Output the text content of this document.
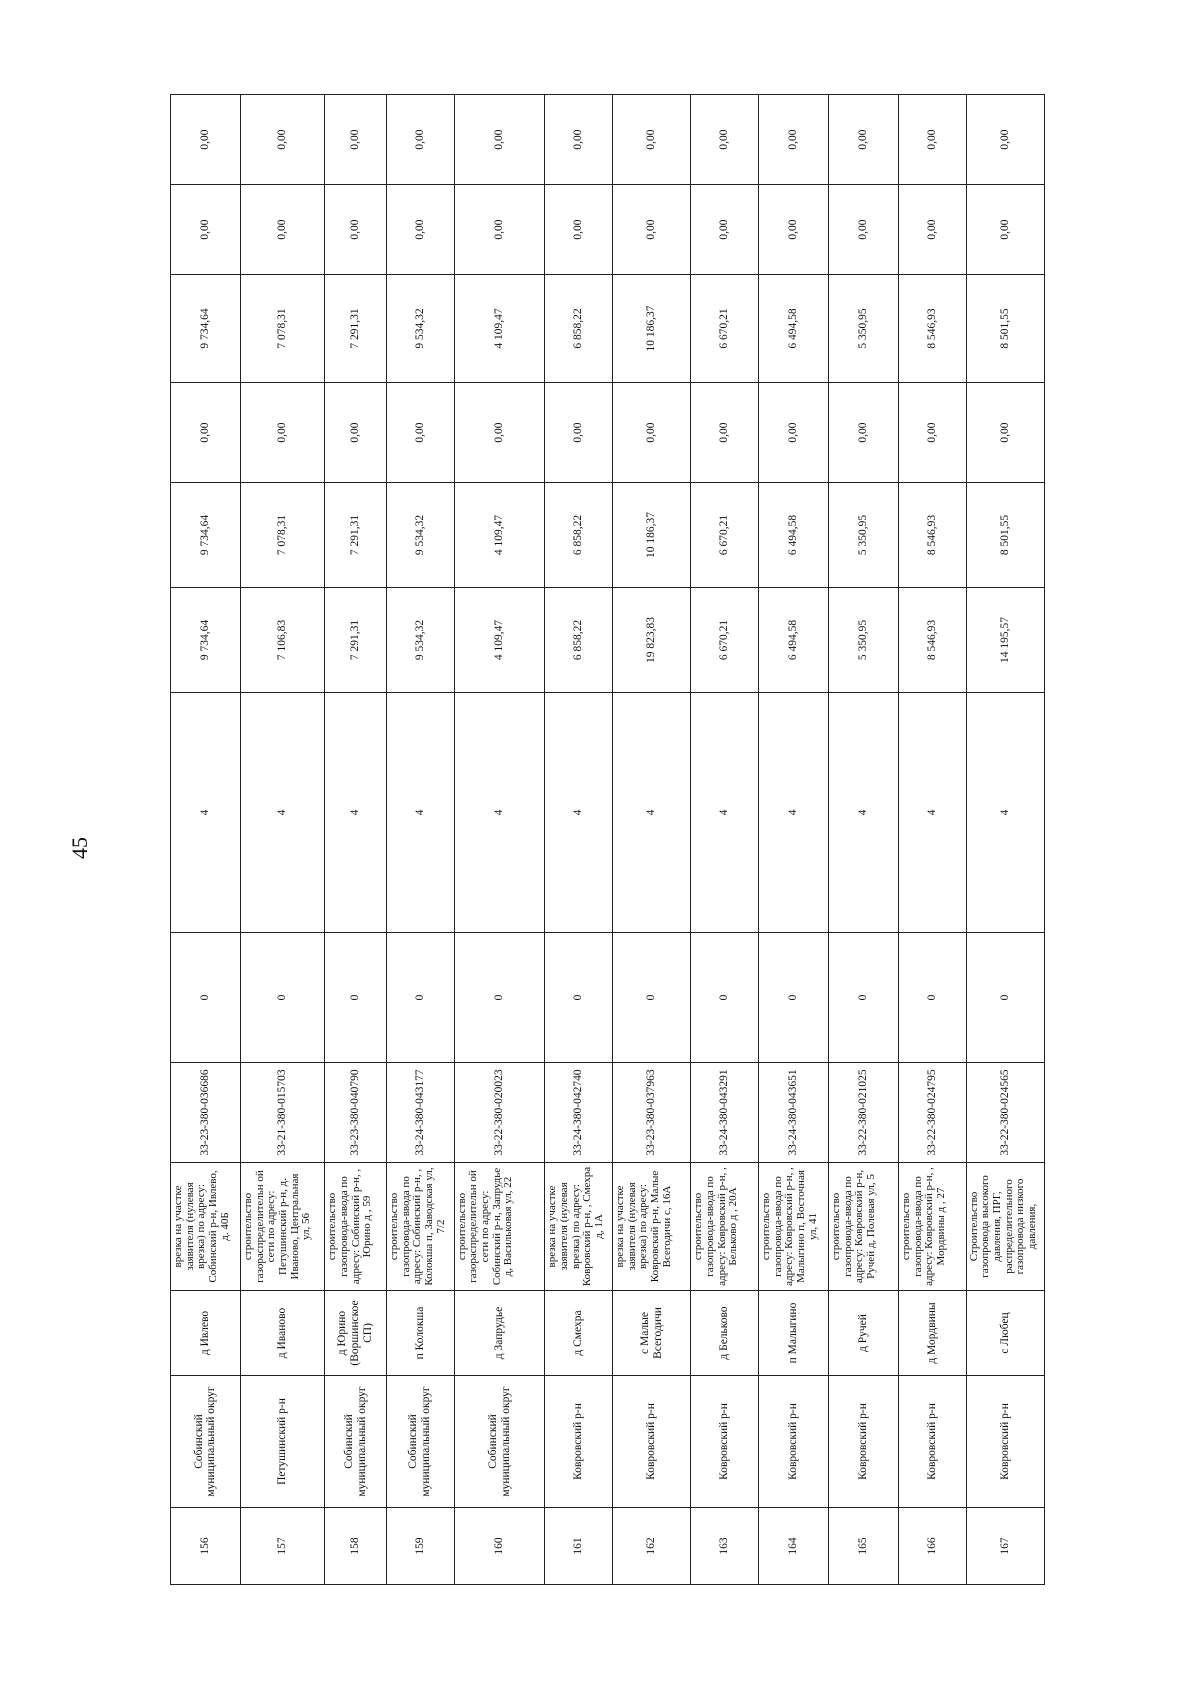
45
156	Собинский муниципальный округ	д Ивлево	врезка на участке заявителя (нулевая врезка) по адресу: Собинский р-н, Ивлево, д. 40Б	33-23-380-036686	0	4	9 734,64	9 734,64	0,00	9 734,64	0,00	0,00
157	Петушинский р-н	д Иваново	строительство газораспределительн ой сети по адресу: Петушинский р-н, д. Иваново, Центральная ул, 56	33-21-380-015703	0	4	7 106,83	7 078,31	0,00	7 078,31	0,00	0,00
158	Собинский муниципальный округ	д Юрино (Воршинское СП)	строительство газопровода-ввода по адресу: Собинский р-н, , Юрино д , 59	33-23-380-040790	0	4	7 291,31	7 291,31	0,00	7 291,31	0,00	0,00
159	Собинский муниципальный округ	п Колокша	строительство газопровода-ввода по адресу: Собинский р-н, , Колокша п, Заводская ул, 7/2	33-24-380-043177	0	4	9 534,32	9 534,32	0,00	9 534,32	0,00	0,00
160	Собинский муниципальный округ	д Запрудье	строительство газораспределительн ой сети по адресу: Собинский р-н, Запрудье д, Васильковая ул, 22	33-22-380-020023	0	4	4 109,47	4 109,47	0,00	4 109,47	0,00	0,00
161	Ковровский р-н	д Смехра	врезка на участке заявителя (нулевая врезка) по адресу: Ковровский р-н, , Смехра д, 1А	33-24-380-042740	0	4	6 858,22	6 858,22	0,00	6 858,22	0,00	0,00
162	Ковровский р-н	с Малые Всегодичи	врезка на участке заявителя (нулевая врезка) по адресу: Ковровский р-н, Малые Всегодичи с, 16А	33-23-380-037963	0	4	19 823,83	10 186,37	0,00	10 186,37	0,00	0,00
163	Ковровский р-н	д Бельково	строительство газопровода-ввода по адресу: Ковровский р-н, , Бельково д , 20А	33-24-380-043291	0	4	6 670,21	6 670,21	0,00	6 670,21	0,00	0,00
164	Ковровский р-н	п Малыгино	строительство газопровода-ввода по адресу: Ковровский р-н, , Малыгино п, Восточная ул, 41	33-24-380-043651	0	4	6 494,58	6 494,58	0,00	6 494,58	0,00	0,00
165	Ковровский р-н	д Ручей	строительство газопровода-ввода по адресу: Ковровский р-н, Ручей д, Полевая ул, 5	33-22-380-021025	0	4	5 350,95	5 350,95	0,00	5 350,95	0,00	0,00
166	Ковровский р-н	д Мордвины	строительство газопровода-ввода по адресу: Ковровский р-н, , Мордвины д , 27	33-22-380-024795	0	4	8 546,93	8 546,93	0,00	8 546,93	0,00	0,00
167	Ковровский р-н	с Любец	Строительство газопровода высокого давления, ПРГ, распределительного газопровода низкого давления,	33-22-380-024565	0	4	14 195,57	8 501,55	0,00	8 501,55	0,00	0,00
